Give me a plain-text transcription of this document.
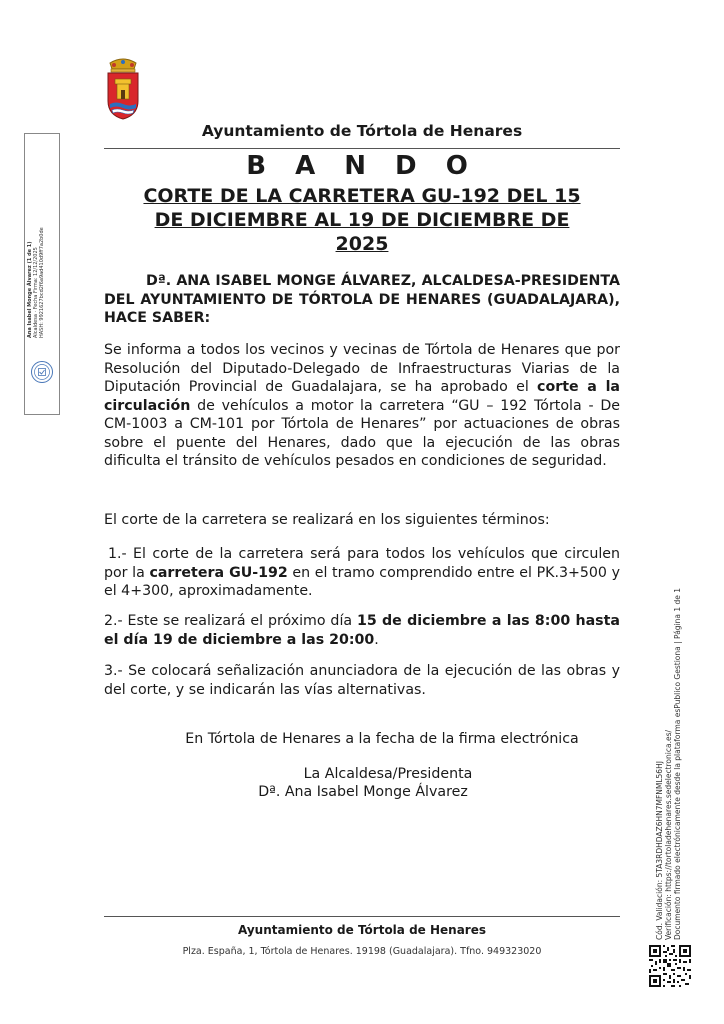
Ayuntamiento de Tórtola de Henares
B A N D O
CORTE DE LA CARRETERA GU-192 DEL 15
DE DICIEMBRE AL 19 DE DICIEMBRE DE
2025
Dª. ANA ISABEL MONGE ÁLVAREZ, ALCALDESA-PRESIDENTA DEL AYUNTAMIENTO DE TÓRTOLA DE HENARES (GUADALAJARA), HACE SABER:
Se informa a todos los vecinos y vecinas de Tórtola de Henares que por Resolución del Diputado-Delegado de Infraestructuras Viarias de la Diputación Provincial de Guadalajara, se ha aprobado el corte a la circulación de vehículos a motor la carretera “GU – 192 Tórtola - De CM-1003 a CM-101 por Tórtola de Henares” por actuaciones de obras sobre el puente del Henares, dado que la ejecución de las obras dificulta el tránsito de vehículos pesados en condiciones de seguridad.
El corte de la carretera se realizará en los siguientes términos:
1.- El corte de la carretera será para todos los vehículos que circulen por la carretera GU-192 en el tramo comprendido entre el PK.3+500 y el 4+300, aproximadamente.
2.- Este se realizará el próximo día 15 de diciembre a las 8:00 hasta el día 19 de diciembre a las 20:00.
3.- Se colocará señalización anunciadora de la ejecución de las obras y del corte, y se indicarán las vías alternativas.
En Tórtola de Henares a la fecha de la firma electrónica
La Alcaldesa/Presidenta
Dª. Ana Isabel Monge Álvarez
Ayuntamiento de Tórtola de Henares
Plza. España, 1, Tórtola de Henares. 19198 (Guadalajara). Tfno. 949323020
Ana Isabel Monge Álvarez (1 de 1) Alcaldesa · Fecha Firma: 12/12/2025 HASH: 9921627bcd2f6a9ad410d9ff7a2b0de
Cód. Validación: 5TA3RDHDAZ6HN7MFNML56HJ Verificación: https://tortoladehenares.sedelectronica.es/ Documento firmado electrónicamente desde la plataforma esPublico Gestiona | Página 1 de 1
